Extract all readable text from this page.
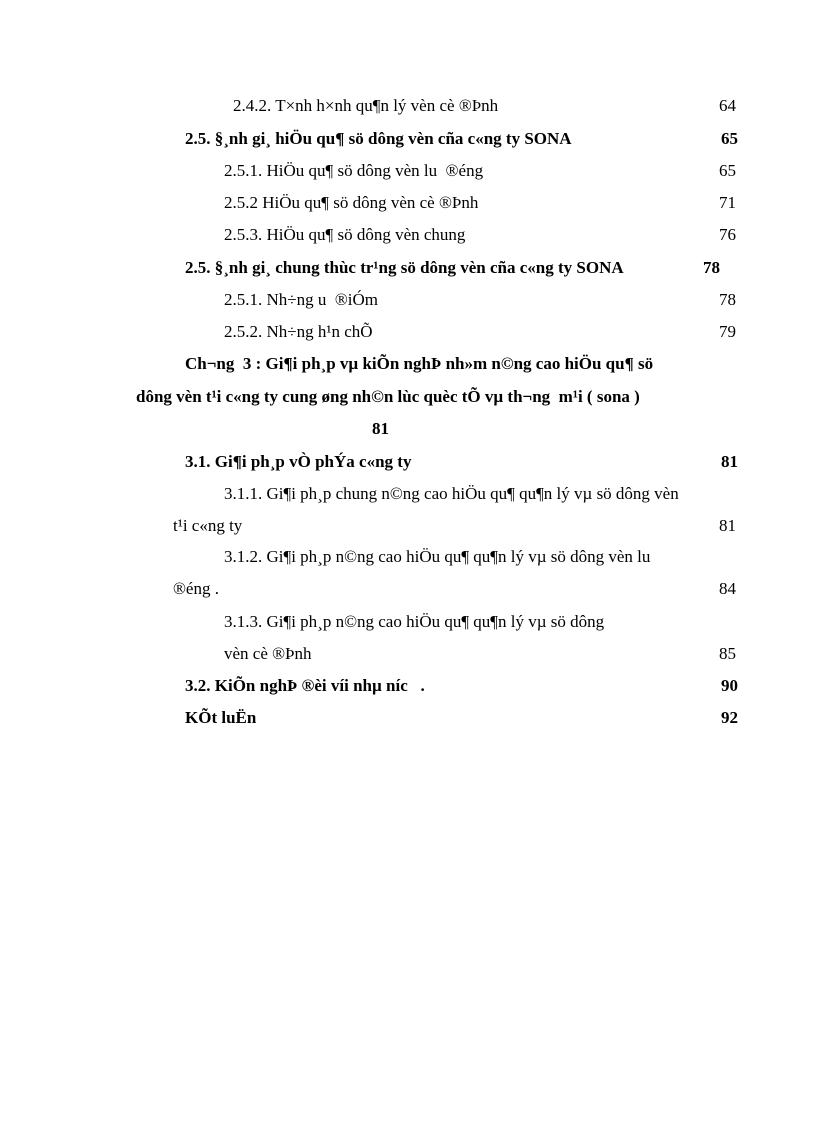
2.4.2. T×nh h×nh qu¶n lý vèn cè ®Þnh	64
2.5. §¸nh gi¸ hiÖu qu¶ sö dông vèn cña c«ng ty SONA	65
2.5.1. HiÖu qu¶ sö dông vèn lu  ®éng	65
2.5.2 HiÖu qu¶ sö dông vèn cè ®Þnh	71
2.5.3. HiÖu qu¶ sö dông vèn chung	76
2.5. §¸nh gi¸ chung thùc tr¹ng sö dông vèn cña c«ng ty SONA	78
2.5.1. Nh÷ng u  ®iÓm	78
2.5.2. Nh÷ng h¹n chÕ	79
Ch¬ng  3 : Gi¶i ph¸p vµ kiÕn nghÞ nh»m n©ng cao hiÖu qu¶ sö
dông vèn t¹i c«ng ty cung øng nh©n lùc quèc tÕ vµ th¬ng  m¹i ( sona )
81
3.1. Gi¶i ph¸p vÒ phÝa c«ng ty	81
3.1.1. Gi¶i ph¸p chung n©ng cao hiÖu qu¶ qu¶n lý vµ sö dông vèn
t¹i c«ng ty	81
3.1.2. Gi¶i ph¸p n©ng cao hiÖu qu¶ qu¶n lý vµ sö dông vèn lu
®éng .	84
3.1.3. Gi¶i ph¸p n©ng cao hiÖu qu¶ qu¶n lý vµ sö dông
vèn cè ®Þnh	85
3.2. KiÕn nghÞ ®èi víi nhµ níc   .	90
KÕt luËn	92
